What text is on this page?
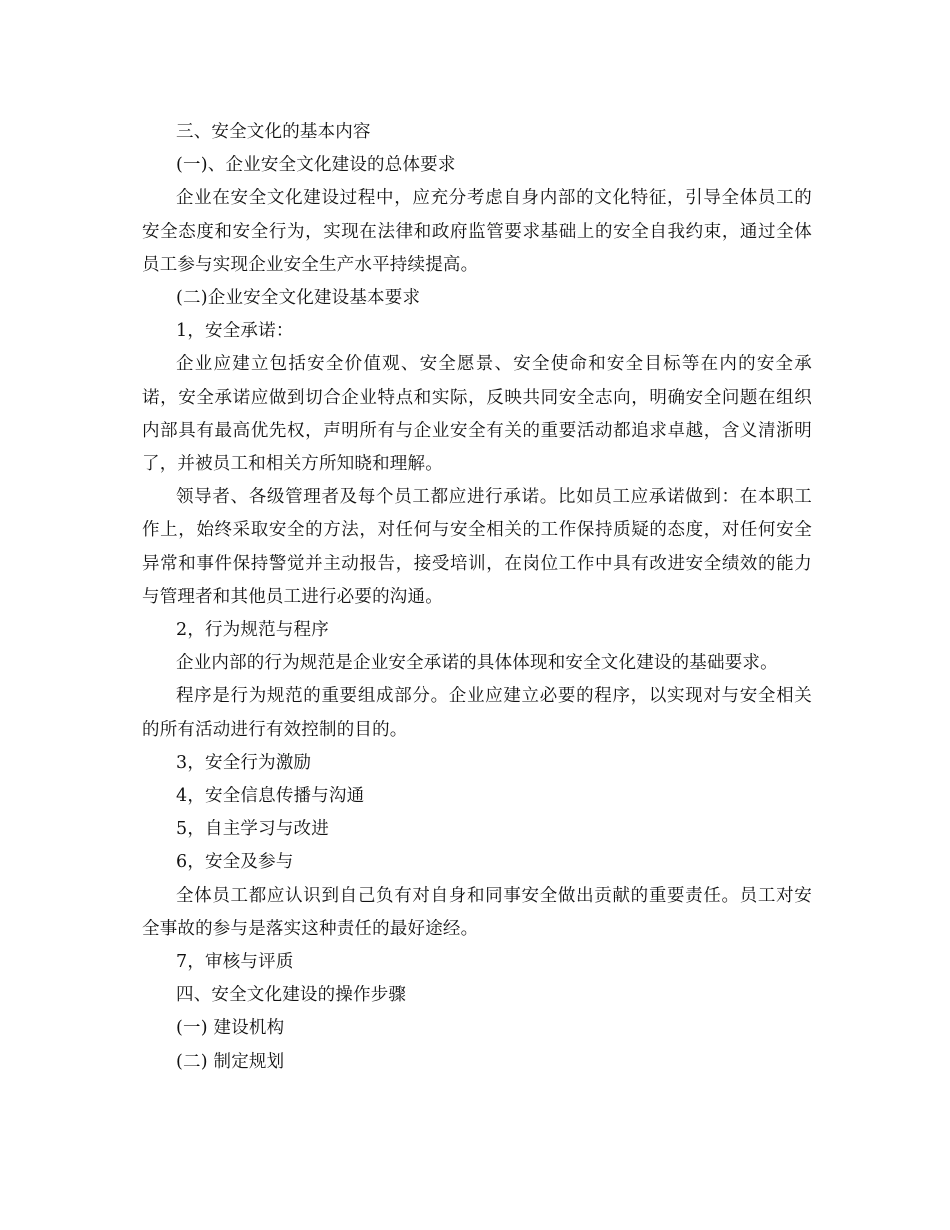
三、安全文化的基本内容

(一)、企业安全文化建设的总体要求

企业在安全文化建设过程中，应充分考虑自身内部的文化特征，引导全体员工的安全态度和安全行为，实现在法律和政府监管要求基础上的安全自我约束，通过全体员工参与实现企业安全生产水平持续提高。

(二)企业安全文化建设基本要求

1，安全承诺：

企业应建立包括安全价值观、安全愿景、安全使命和安全目标等在内的安全承诺，安全承诺应做到切合企业特点和实际，反映共同安全志向，明确安全问题在组织内部具有最高优先权，声明所有与企业安全有关的重要活动都追求卓越，含义清浙明了，并被员工和相关方所知晓和理解。

领导者、各级管理者及每个员工都应进行承诺。比如员工应承诺做到：在本职工作上，始终采取安全的方法，对任何与安全相关的工作保持质疑的态度，对任何安全异常和事件保持警觉并主动报告，接受培训，在岗位工作中具有改进安全绩效的能力与管理者和其他员工进行必要的沟通。

2，行为规范与程序

企业内部的行为规范是企业安全承诺的具体体现和安全文化建设的基础要求。

程序是行为规范的重要组成部分。企业应建立必要的程序，以实现对与安全相关的所有活动进行有效控制的目的。

3，安全行为激励

4，安全信息传播与沟通

5，自主学习与改进

6，安全及参与

全体员工都应认识到自己负有对自身和同事安全做出贡献的重要责任。员工对安全事故的参与是落实这种责任的最好途经。

7，审核与评质

四、安全文化建设的操作步骤

(一) 建设机构

(二) 制定规划
